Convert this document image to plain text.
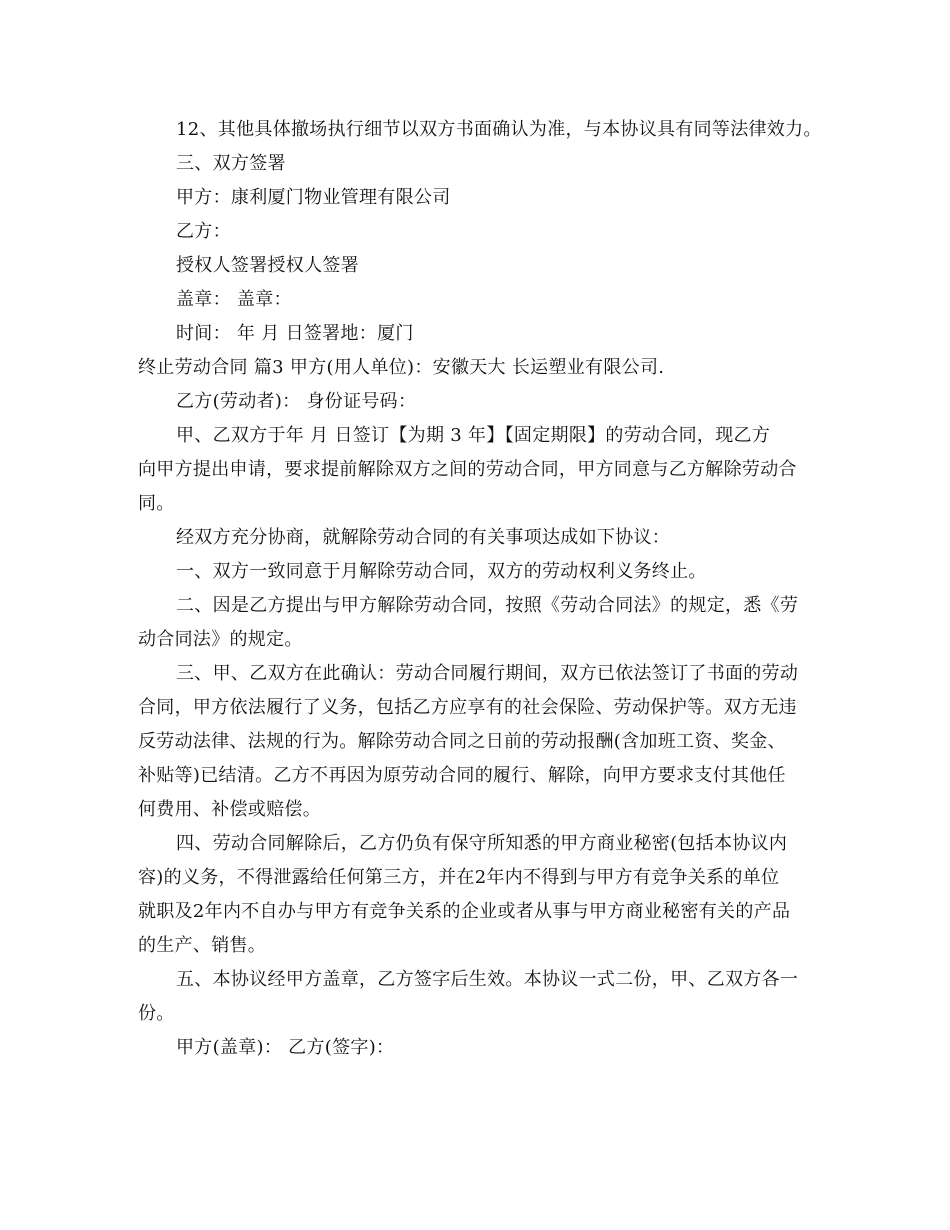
12、其他具体撤场执行细节以双方书面确认为准，与本协议具有同等法律效力。
三、双方签署
甲方：康利厦门物业管理有限公司
乙方：
授权人签署授权人签署
盖章： 盖章：
时间： 年 月 日签署地：厦门
终止劳动合同 篇3 甲方(用人单位)：安徽天大 长运塑业有限公司.
乙方(劳动者)： 身份证号码：
甲、乙双方于年 月 日签订【为期 3 年】【固定期限】的劳动合同，现乙方
向甲方提出申请，要求提前解除双方之间的劳动合同，甲方同意与乙方解除劳动合
同。
经双方充分协商，就解除劳动合同的有关事项达成如下协议：
一、双方一致同意于月解除劳动合同，双方的劳动权利义务终止。
二、因是乙方提出与甲方解除劳动合同，按照《劳动合同法》的规定，悉《劳
动合同法》的规定。
三、甲、乙双方在此确认：劳动合同履行期间，双方已依法签订了书面的劳动
合同，甲方依法履行了义务，包括乙方应享有的社会保险、劳动保护等。双方无违
反劳动法律、法规的行为。解除劳动合同之日前的劳动报酬(含加班工资、奖金、
补贴等)已结清。乙方不再因为原劳动合同的履行、解除，向甲方要求支付其他任
何费用、补偿或赔偿。
四、劳动合同解除后，乙方仍负有保守所知悉的甲方商业秘密(包括本协议内
容)的义务，不得泄露给任何第三方，并在2年内不得到与甲方有竞争关系的单位
就职及2年内不自办与甲方有竞争关系的企业或者从事与甲方商业秘密有关的产品
的生产、销售。
五、本协议经甲方盖章，乙方签字后生效。本协议一式二份，甲、乙双方各一
份。
甲方(盖章)： 乙方(签字)：
